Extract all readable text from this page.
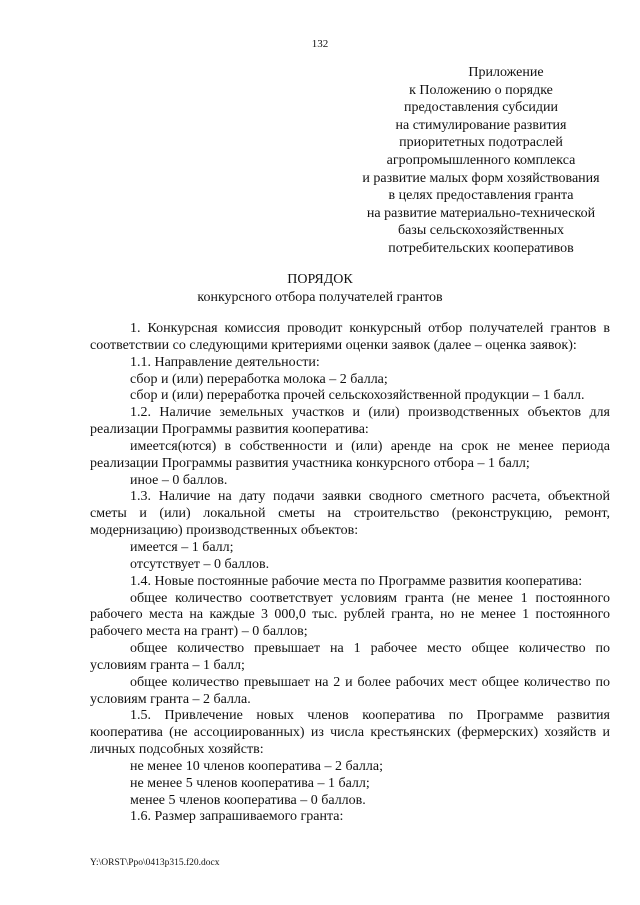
132
Приложение
к Положению о порядке
предоставления субсидии
на стимулирование развития
приоритетных подотраслей
агропромышленного комплекса
и развитие малых форм хозяйствования
в целях предоставления гранта
на развитие материально-технической
базы сельскохозяйственных
потребительских кооперативов
ПОРЯДОК
конкурсного отбора получателей грантов

1. Конкурсная комиссия проводит конкурсный отбор получателей грантов в соответствии со следующими критериями оценки заявок (далее – оценка заявок):

1.1. Направление деятельности:

сбор и (или) переработка молока – 2 балла;

сбор и (или) переработка прочей сельскохозяйственной продукции – 1 балл.

1.2. Наличие земельных участков и (или) производственных объектов для реализации Программы развития кооператива:

имеется(ются) в собственности и (или) аренде на срок не менее периода реализации Программы развития участника конкурсного отбора – 1 балл;

иное – 0 баллов.

1.3. Наличие на дату подачи заявки сводного сметного расчета, объектной сметы и (или) локальной сметы на строительство (реконструкцию, ремонт, модернизацию) производственных объектов:

имеется – 1 балл;

отсутствует – 0 баллов.

1.4. Новые постоянные рабочие места по Программе развития кооператива:

общее количество соответствует условиям гранта (не менее 1 постоянного рабочего места на каждые 3 000,0 тыс. рублей гранта, но не менее 1 постоянного рабочего места на грант) – 0 баллов;

общее количество превышает на 1 рабочее место общее количество по условиям гранта – 1 балл;

общее количество превышает на 2 и более рабочих мест общее количество по условиям гранта – 2 балла.

1.5. Привлечение новых членов кооператива по Программе развития кооператива (не ассоциированных) из числа крестьянских (фермерских) хозяйств и личных подсобных хозяйств:

не менее 10 членов кооператива – 2 балла;

не менее 5 членов кооператива – 1 балл;

менее 5 членов кооператива – 0 баллов.

1.6. Размер запрашиваемого гранта:

Y:\ORST\Ppo\0413p315.f20.docx
